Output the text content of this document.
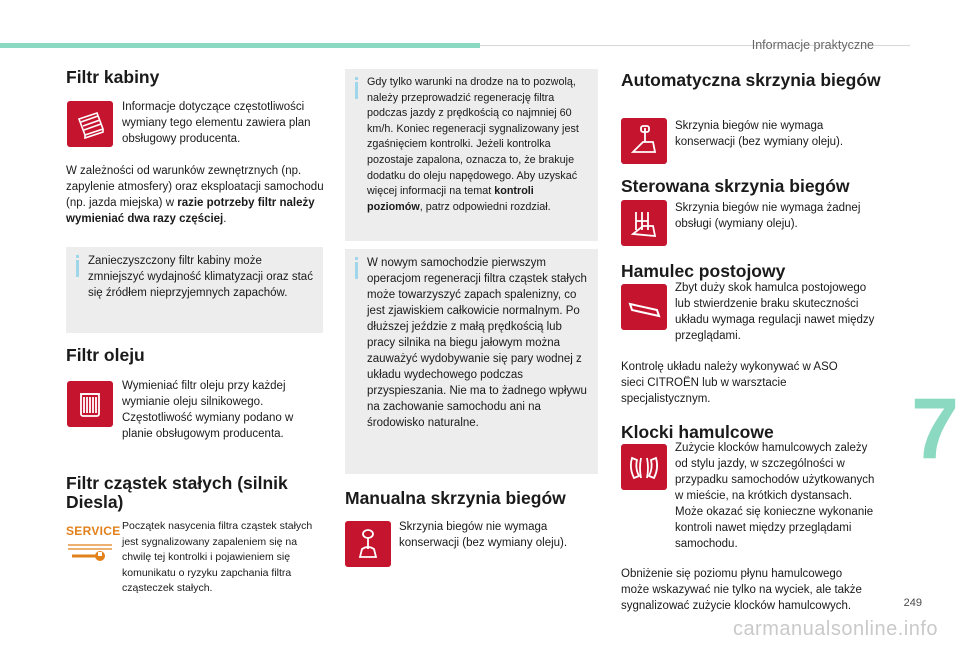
Informacje praktyczne
7
249
Filtr kabiny
Informacje dotyczące częstotliwości wymiany tego elementu zawiera plan obsługowy producenta.
W zależności od warunków zewnętrznych (np. zapylenie atmosfery) oraz eksploatacji samochodu (np. jazda miejska) w razie potrzeby filtr należy wymieniać dwa razy częściej.
Zanieczyszczony filtr kabiny może zmniejszyć wydajność klimatyzacji oraz stać się źródłem nieprzyjemnych zapachów.
Filtr oleju
Wymieniać filtr oleju przy każdej wymianie oleju silnikowego. Częstotliwość wymiany podano w planie obsługowym producenta.
Filtr cząstek stałych (silnik Diesla)
SERVICE Początek nasycenia filtra cząstek stałych jest sygnalizowany zapaleniem się na chwilę tej kontrolki i pojawieniem się komunikatu o ryzyku zapchania filtra cząsteczek stałych.
Gdy tylko warunki na drodze na to pozwolą, należy przeprowadzić regenerację filtra podczas jazdy z prędkością co najmniej 60 km/h. Koniec regeneracji sygnalizowany jest zgaśnięciem kontrolki. Jeżeli kontrolka pozostaje zapalona, oznacza to, że brakuje dodatku do oleju napędowego. Aby uzyskać więcej informacji na temat kontroli poziomów, patrz odpowiedni rozdział.
W nowym samochodzie pierwszym operacjom regeneracji filtra cząstek stałych może towarzyszyć zapach spalenizny, co jest zjawiskiem całkowicie normalnym. Po dłuższej jeździe z małą prędkością lub pracy silnika na biegu jałowym można zauważyć wydobywanie się pary wodnej z układu wydechowego podczas przyspieszania. Nie ma to żadnego wpływu na zachowanie samochodu ani na środowisko naturalne.
Manualna skrzynia biegów
Skrzynia biegów nie wymaga konserwacji (bez wymiany oleju).
Automatyczna skrzynia biegów
Skrzynia biegów nie wymaga konserwacji (bez wymiany oleju).
Sterowana skrzynia biegów
Skrzynia biegów nie wymaga żadnej obsługi (wymiany oleju).
Hamulec postojowy
Zbyt duży skok hamulca postojowego lub stwierdzenie braku skuteczności układu wymaga regulacji nawet między przeglądami.
Kontrolę układu należy wykonywać w ASO sieci CITROËN lub w warsztacie specjalistycznym.
Klocki hamulcowe
Zużycie klocków hamulcowych zależy od stylu jazdy, w szczególności w przypadku samochodów użytkowanych w mieście, na krótkich dystansach. Może okazać się konieczne wykonanie kontroli nawet między przeglądami samochodu.
Obniżenie się poziomu płynu hamulcowego może wskazywać nie tylko na wyciek, ale także sygnalizować zużycie klocków hamulcowych.
carmanualsonline.info
